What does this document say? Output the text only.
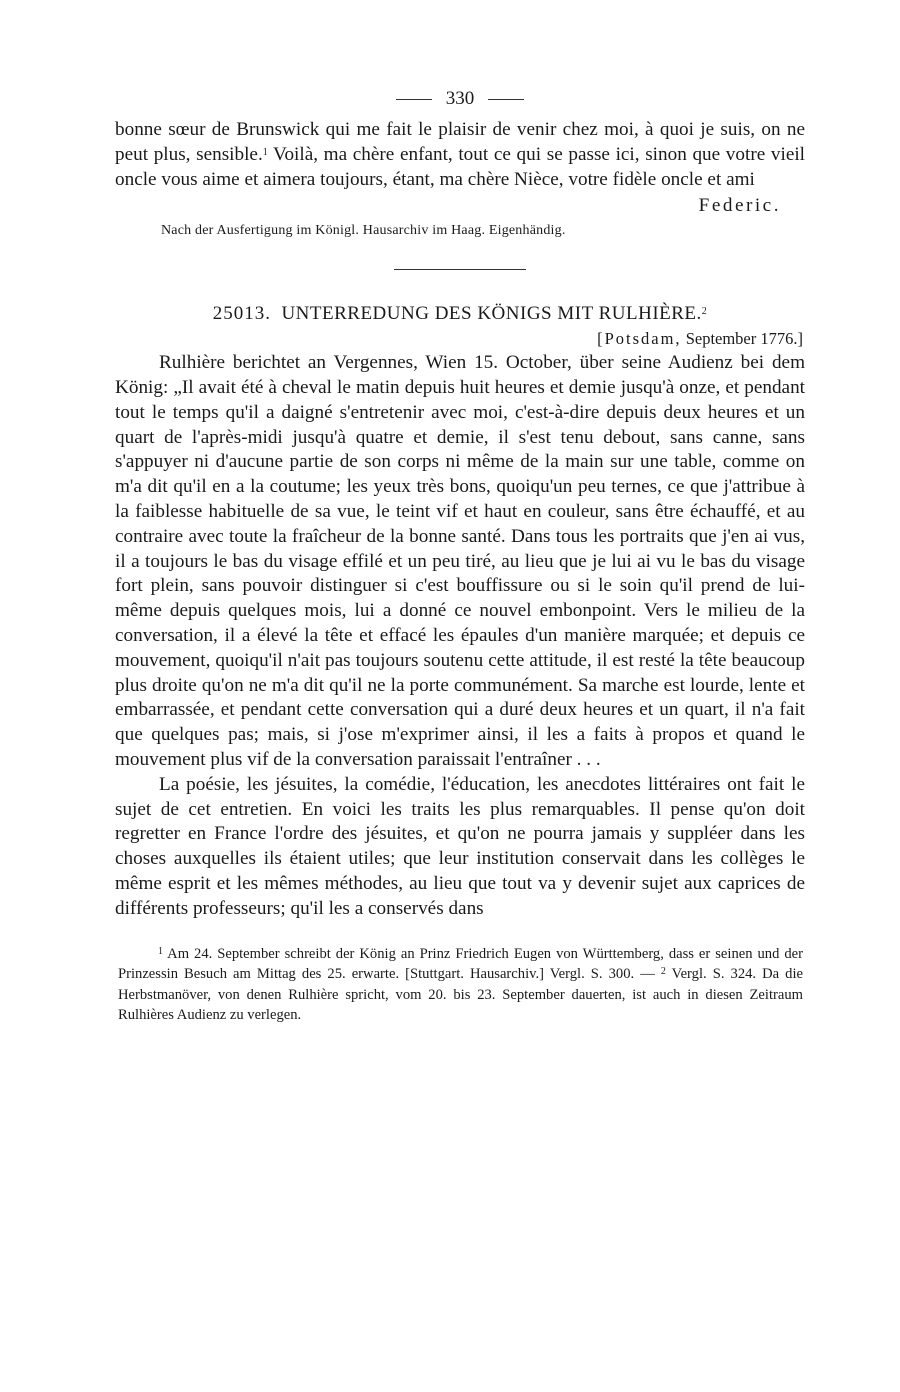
330

bonne sœur de Brunswick qui me fait le plaisir de venir chez moi, à quoi je suis, on ne peut plus, sensible.$^1$ Voilà, ma chère enfant, tout ce qui se passe ici, sinon que votre vieil oncle vous aime et aimera toujours, étant, ma chère Nièce, votre fidèle oncle et ami

Federic.
Nach der Ausfertigung im Königl. Hausarchiv im Haag. Eigenhändig.
25013. UNTERREDUNG DES KÖNIGS MIT RULHIÈRE.$^2$
[Potsdam, September 1776.]

Rulhière berichtet an Vergennes, Wien 15. October, über seine Audienz bei dem König: „Il avait été à cheval le matin depuis huit heures et demie jusqu'à onze, et pendant tout le temps qu'il a daigné s'entretenir avec moi, c'est-à-dire depuis deux heures et un quart de l'après-midi jusqu'à quatre et demie, il s'est tenu debout, sans canne, sans s'appuyer ni d'aucune partie de son corps ni même de la main sur une table, comme on m'a dit qu'il en a la coutume; les yeux très bons, quoiqu'un peu ternes, ce que j'attribue à la faiblesse habituelle de sa vue, le teint vif et haut en couleur, sans être échauffé, et au contraire avec toute la fraîcheur de la bonne santé. Dans tous les portraits que j'en ai vus, il a toujours le bas du visage effilé et un peu tiré, au lieu que je lui ai vu le bas du visage fort plein, sans pouvoir distinguer si c'est bouffissure ou si le soin qu'il prend de lui-même depuis quelques mois, lui a donné ce nouvel embonpoint. Vers le milieu de la conversation, il a élevé la tête et effacé les épaules d'un manière marquée; et depuis ce mouvement, quoiqu'il n'ait pas toujours soutenu cette attitude, il est resté la tête beaucoup plus droite qu'on ne m'a dit qu'il ne la porte communément. Sa marche est lourde, lente et embarrassée, et pendant cette conversation qui a duré deux heures et un quart, il n'a fait que quelques pas; mais, si j'ose m'exprimer ainsi, il les a faits à propos et quand le mouvement plus vif de la conversation paraissait l'entraîner . . .

La poésie, les jésuites, la comédie, l'éducation, les anecdotes littéraires ont fait le sujet de cet entretien. En voici les traits les plus remarquables. Il pense qu'on doit regretter en France l'ordre des jésuites, et qu'on ne pourra jamais y suppléer dans les choses auxquelles ils étaient utiles; que leur institution conservait dans les collèges le même esprit et les mêmes méthodes, au lieu que tout va y devenir sujet aux caprices de différents professeurs; qu'il les a conservés dans

$^1$ Am 24. September schreibt der König an Prinz Friedrich Eugen von Württemberg, dass er seinen und der Prinzessin Besuch am Mittag des 25. erwarte. [Stuttgart. Hausarchiv.] Vergl. S. 300. — $^2$ Vergl. S. 324. Da die Herbstmanöver, von denen Rulhière spricht, vom 20. bis 23. September dauerten, ist auch in diesen Zeitraum Rulhières Audienz zu verlegen.
